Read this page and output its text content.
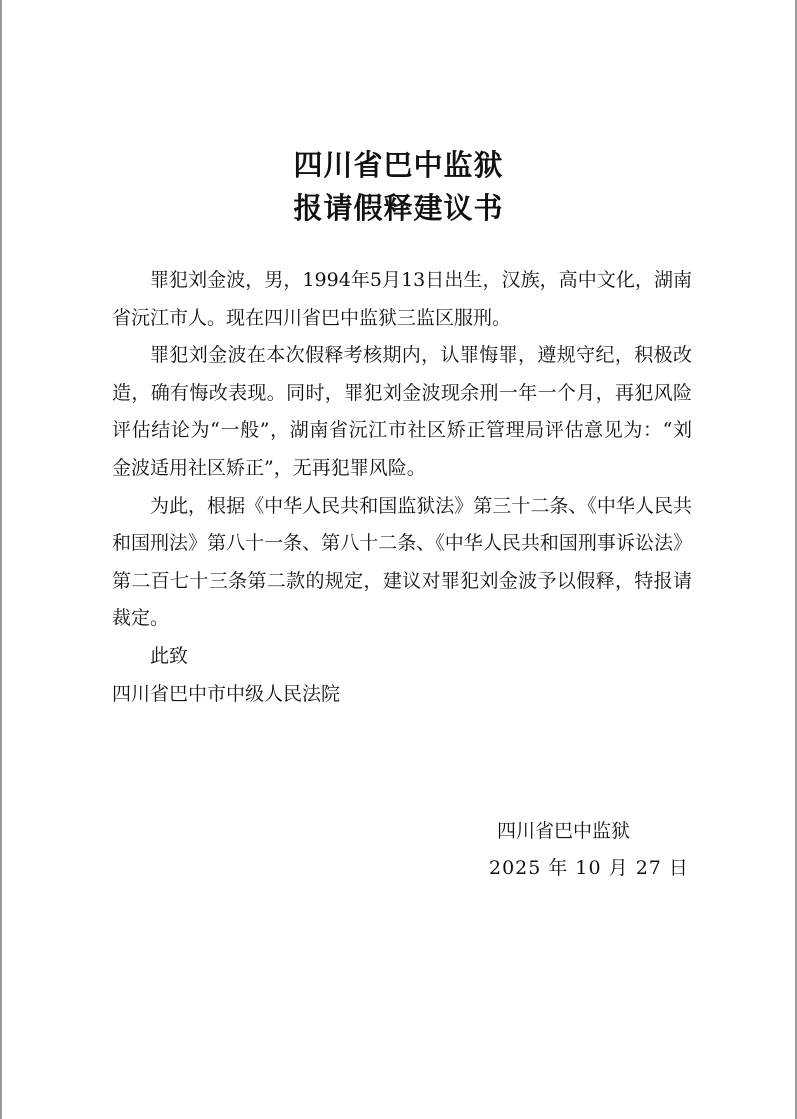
四川省巴中监狱
报请假释建议书

罪犯刘金波，男，1994年5月13日出生，汉族，高中文化，湖南省沅江市人。现在四川省巴中监狱三监区服刑。

罪犯刘金波在本次假释考核期内，认罪悔罪，遵规守纪，积极改造，确有悔改表现。同时，罪犯刘金波现余刑一年一个月，再犯风险评估结论为“一般”，湖南省沅江市社区矫正管理局评估意见为：“刘金波适用社区矫正”，无再犯罪风险。

为此，根据《中华人民共和国监狱法》第三十二条、《中华人民共和国刑法》第八十一条、第八十二条、《中华人民共和国刑事诉讼法》第二百七十三条第二款的规定，建议对罪犯刘金波予以假释，特报请裁定。

此致

四川省巴中市中级人民法院

四川省巴中监狱
2025 年 10 月 27 日
